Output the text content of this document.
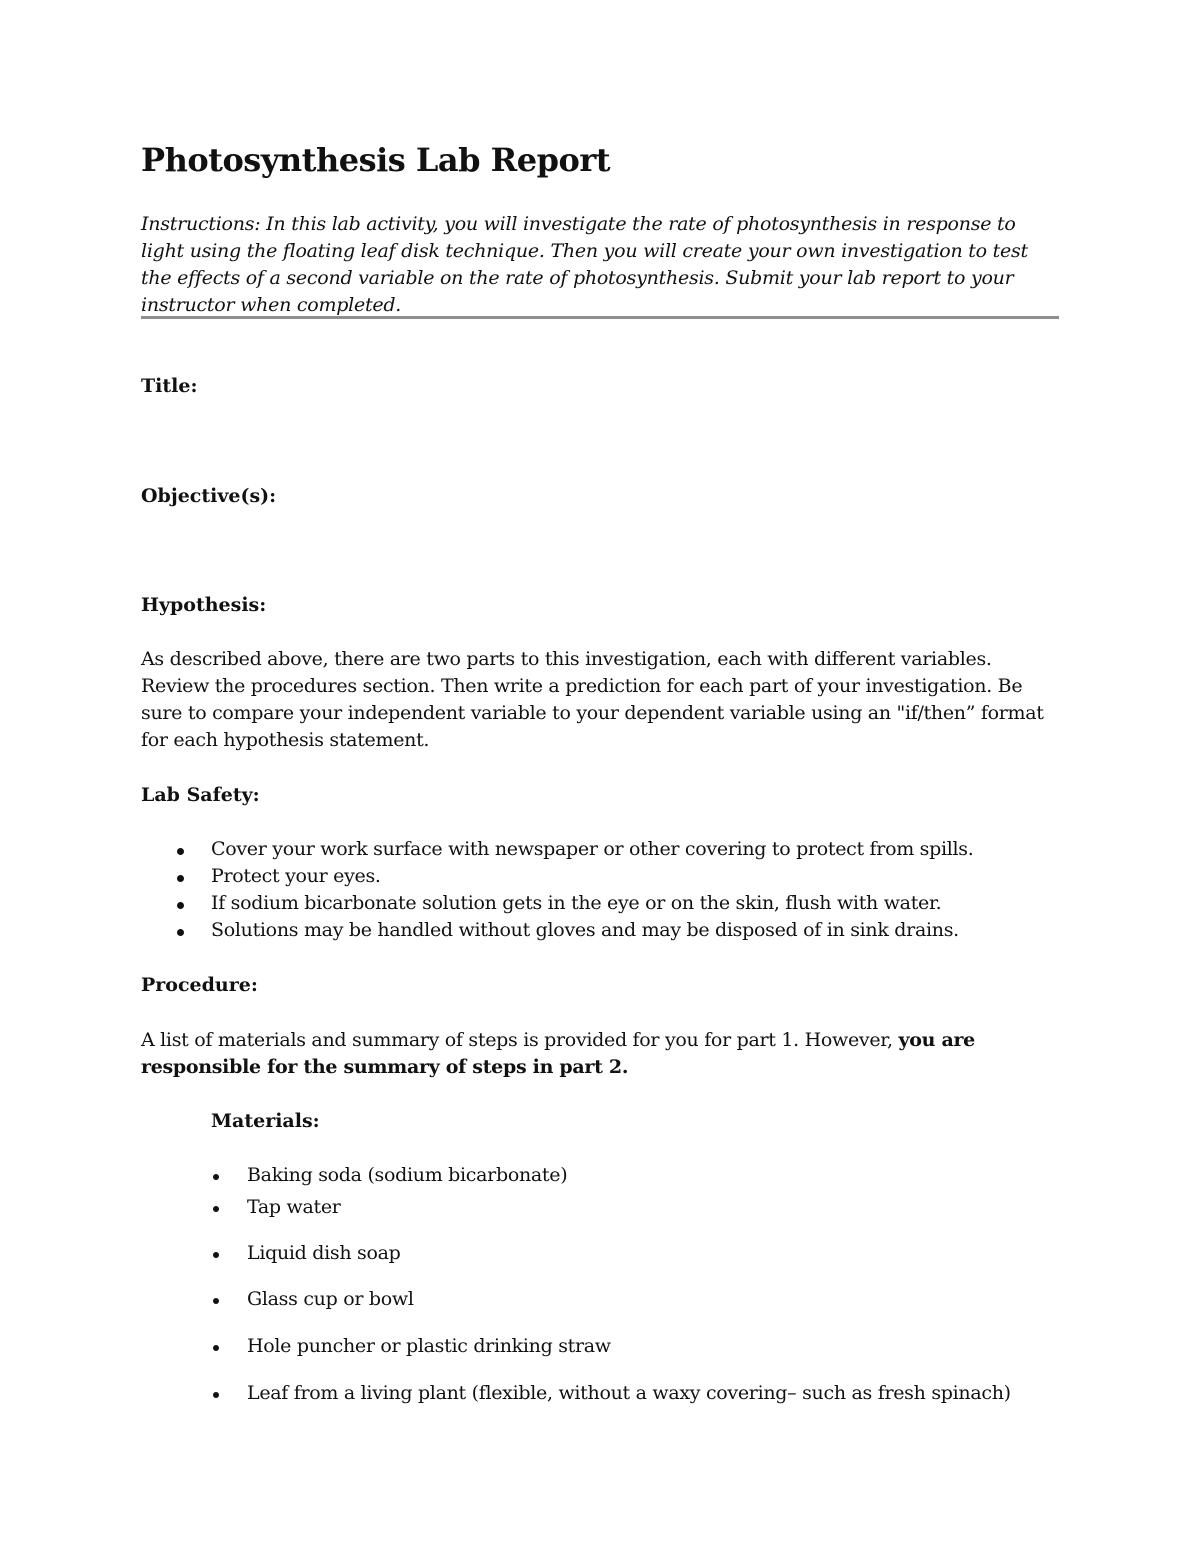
Photosynthesis Lab Report

Instructions: In this lab activity, you will investigate the rate of photosynthesis in response to light using the floating leaf disk technique. Then you will create your own investigation to test the effects of a second variable on the rate of photosynthesis. Submit your lab report to your instructor when completed.

Title:
Objective(s):
Hypothesis:

As described above, there are two parts to this investigation, each with different variables. Review the procedures section. Then write a prediction for each part of your investigation. Be sure to compare your independent variable to your dependent variable using an "if/then” format for each hypothesis statement.

Lab Safety:
Cover your work surface with newspaper or other covering to protect from spills.
Protect your eyes.
If sodium bicarbonate solution gets in the eye or on the skin, flush with water.
Solutions may be handled without gloves and may be disposed of in sink drains.
Procedure:

A list of materials and summary of steps is provided for you for part 1. However, you are

responsible for the summary of steps in part 2.

Materials:
Baking soda (sodium bicarbonate)
Tap water
Liquid dish soap
Glass cup or bowl
Hole puncher or plastic drinking straw
Leaf from a living plant (flexible, without a waxy covering– such as fresh spinach)
